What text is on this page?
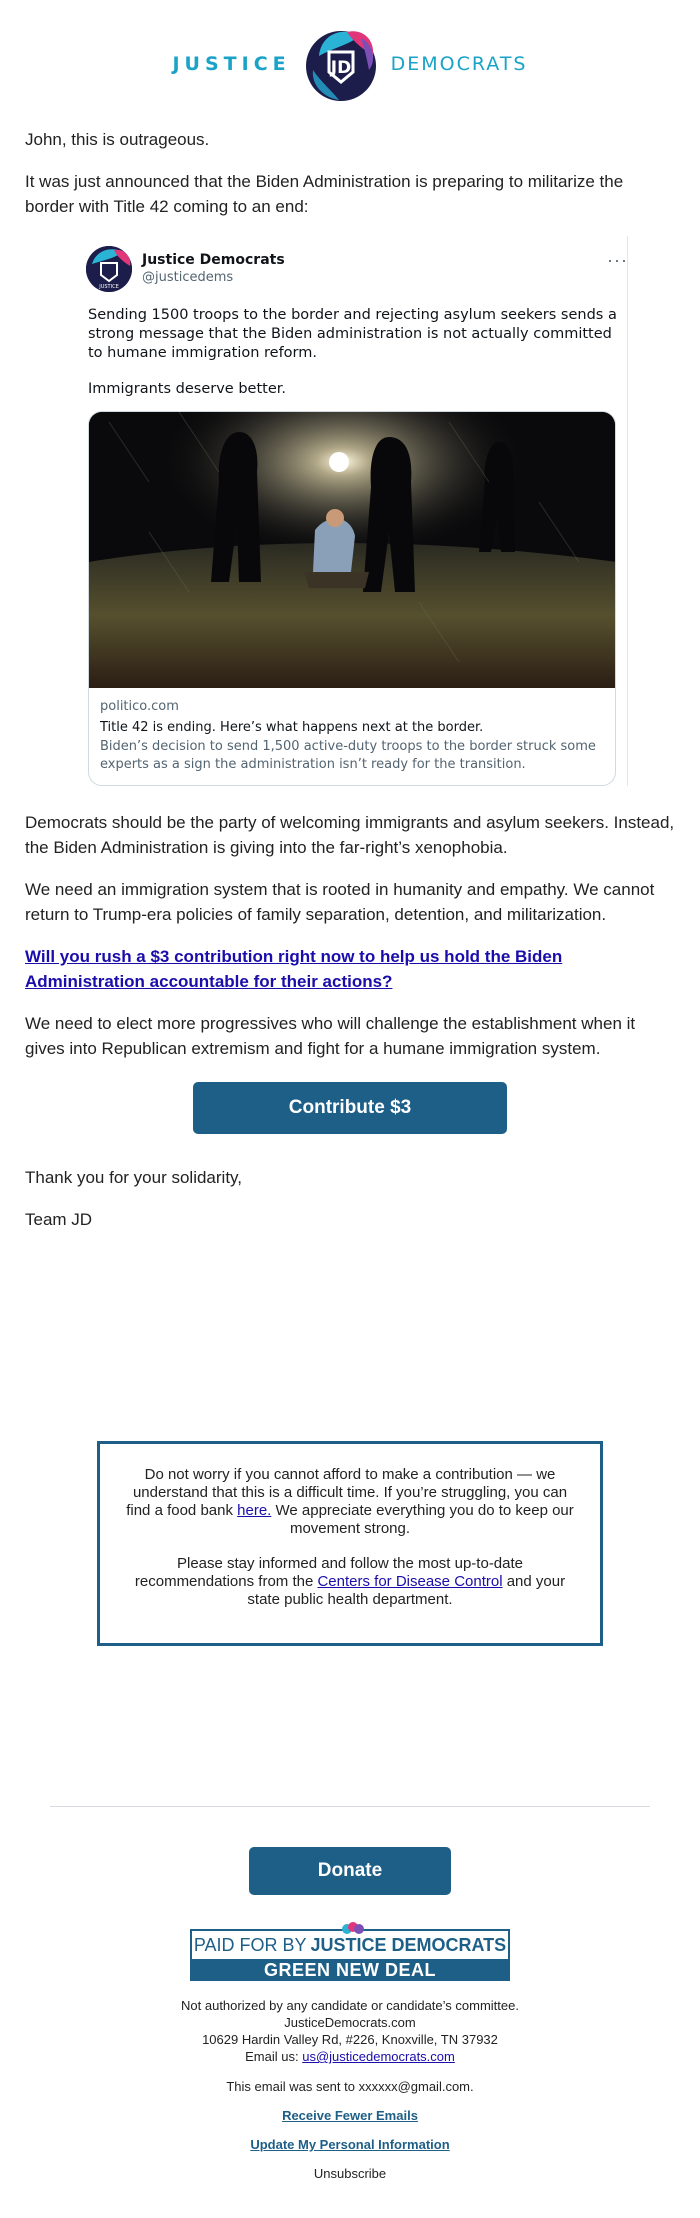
JUSTICE JD DEMOCRATS

John, this is outrageous.

It was just announced that the Biden Administration is preparing to militarize the border with Title 42 coming to an end:

JUSTICE
Justice Democrats
@justicedems
···
Sending 1500 troops to the border and rejecting asylum seekers sends a strong message that the Biden administration is not actually committed to humane immigration reform.
Immigrants deserve better.
politico.com
Title 42 is ending. Here’s what happens next at the border.
Biden’s decision to send 1,500 active-duty troops to the border struck some experts as a sign the administration isn’t ready for the transition.

Democrats should be the party of welcoming immigrants and asylum seekers. Instead, the Biden Administration is giving into the far-right’s xenophobia.

We need an immigration system that is rooted in humanity and empathy. We cannot return to Trump-era policies of family separation, detention, and militarization.

Will you rush a $3 contribution right now to help us hold the Biden Administration accountable for their actions?

We need to elect more progressives who will challenge the establishment when it gives into Republican extremism and fight for a humane immigration system.

Contribute $3

Thank you for your solidarity,

Team JD

Do not worry if you cannot afford to make a contribution — we understand that this is a difficult time. If you’re struggling, you can find a food bank here. We appreciate everything you do to keep our movement strong.

Please stay informed and follow the most up-to-date recommendations from the Centers for Disease Control and your state public health department.

Donate
PAID FOR BY JUSTICE DEMOCRATS
GREEN NEW DEAL
Not authorized by any candidate or candidate’s committee.
JusticeDemocrats.com
10629 Hardin Valley Rd, #226, Knoxville, TN 37932
Email us: us@justicedemocrats.com
This email was sent to xxxxxx@gmail.com.
Receive Fewer Emails
Update My Personal Information
Unsubscribe
